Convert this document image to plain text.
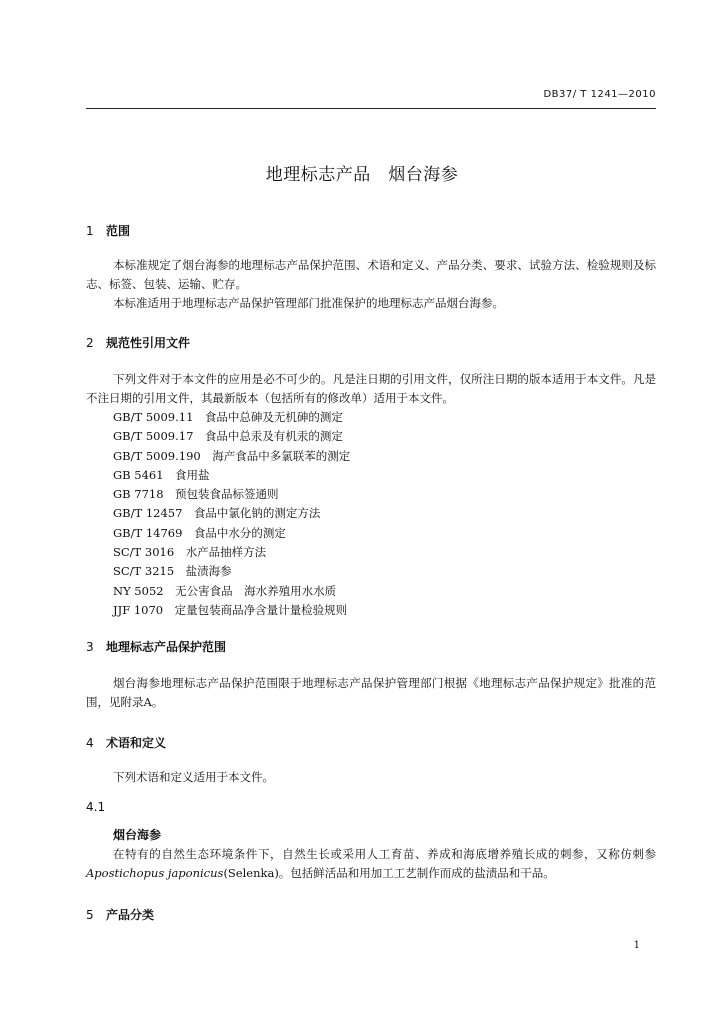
DB37/ T 1241—2010
地理标志产品　烟台海参
1 范围
本标准规定了烟台海参的地理标志产品保护范围、术语和定义、产品分类、要求、试验方法、检验规则及标志、标签、包装、运输、贮存。
本标准适用于地理标志产品保护管理部门批准保护的地理标志产品烟台海参。
2 规范性引用文件
下列文件对于本文件的应用是必不可少的。凡是注日期的引用文件，仅所注日期的版本适用于本文件。凡是不注日期的引用文件，其最新版本（包括所有的修改单）适用于本文件。
GB/T 5009.11　食品中总砷及无机砷的测定
GB/T 5009.17　食品中总汞及有机汞的测定
GB/T 5009.190　海产食品中多氯联苯的测定
GB 5461　食用盐
GB 7718　预包装食品标签通则
GB/T 12457　食品中氯化钠的测定方法
GB/T 14769　食品中水分的测定
SC/T 3016　水产品抽样方法
SC/T 3215　盐渍海参
NY 5052　无公害食品　海水养殖用水水质
JJF 1070　定量包装商品净含量计量检验规则
3 地理标志产品保护范围
烟台海参地理标志产品保护范围限于地理标志产品保护管理部门根据《地理标志产品保护规定》批准的范围，见附录A。
4 术语和定义
下列术语和定义适用于本文件。
4.1
烟台海参
在特有的自然生态环境条件下，自然生长或采用人工育苗、养成和海底增养殖长成的刺参，又称仿刺参Apostichopus japonicus(Selenka)。包括鲜活品和用加工工艺制作而成的盐渍品和干品。
5 产品分类
1
